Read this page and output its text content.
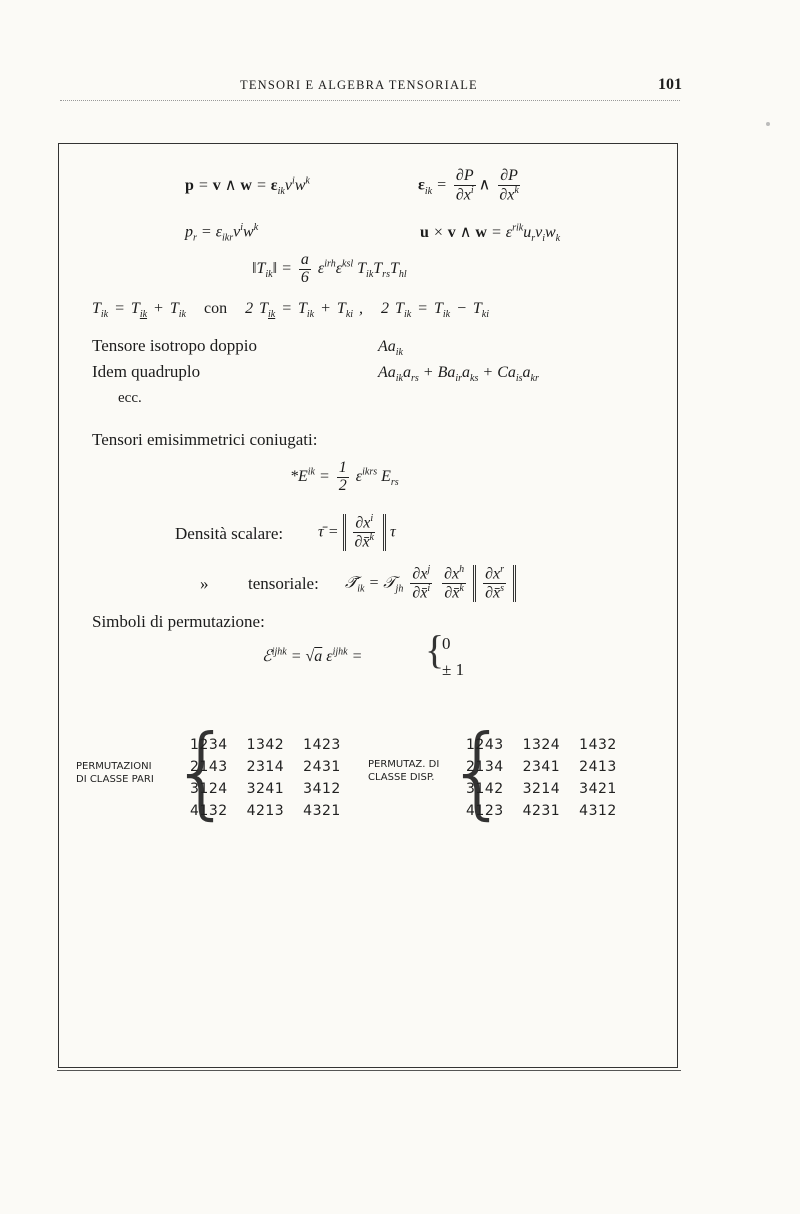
TENSORI E ALGEBRA TENSORIALE	101
p = v ∧ $w = \varepsilon_{ik}v^iw^k$	$\varepsilon_{ik} = \frac{\partial P}{\partial x^i}$ ∧ $\frac{\partial P}{\partial x^k}$
$p_r = \varepsilon_{ikr}v^iw^k$	u × v ∧ $w = \varepsilon^{rik}u_rv_iw_k$
$‖T_{ik}‖ = \frac{a}{6} \varepsilon^{irh}\varepsilon^{ksl}$ $T_{ik}T_{rs}T_{hl}$
$T_{ik} = T_{ik} + T_{ik}$ con   2 $T_{ik} = T_{ik} + T_{ki}$ ,   2 $T_{ik} = T_{ik} - T_{ki}$
Tensore isotropo doppio	$Aa_{ik}$
Idem quadruplo	$Aa_{ik}a_{rs} + Ba_{ir}a_{ks} + Ca_{is}a_{kr}$
ecc.
Tensori emisimmetrici coniugati:
$*E^{ik} = \frac{1}{2} \varepsilon^{ikrs}$ $E_{rs}$
Densità scalare: τ̄ = $\frac{\partial x^i}{\partial x̄^k}$ τ
» tensoriale: $𝒯̄_{ik}$ = 𝒯$_{jh}$ $\frac{\partial x^j}{\partial x̄^i}$
$\frac{\partial x^h}{\partial x̄^k}$
$\frac{\partial x^r}{\partial x̄^s}$
Simboli di permutazione:
ℰ$^{ijhk}$ = √a $\varepsilon^{ijhk}$ = {
0
± 1
PERMUTAZIONI
DI CLASSE PARI {
1234 1342 1423
2143 2314 2431
3124 3241 3412
4132 4213 4321
PERMUTAZ. DI
CLASSE DISP. {
1243 1324 1432
2134 2341 2413
3142 3214 3421
4123 4231 4312
